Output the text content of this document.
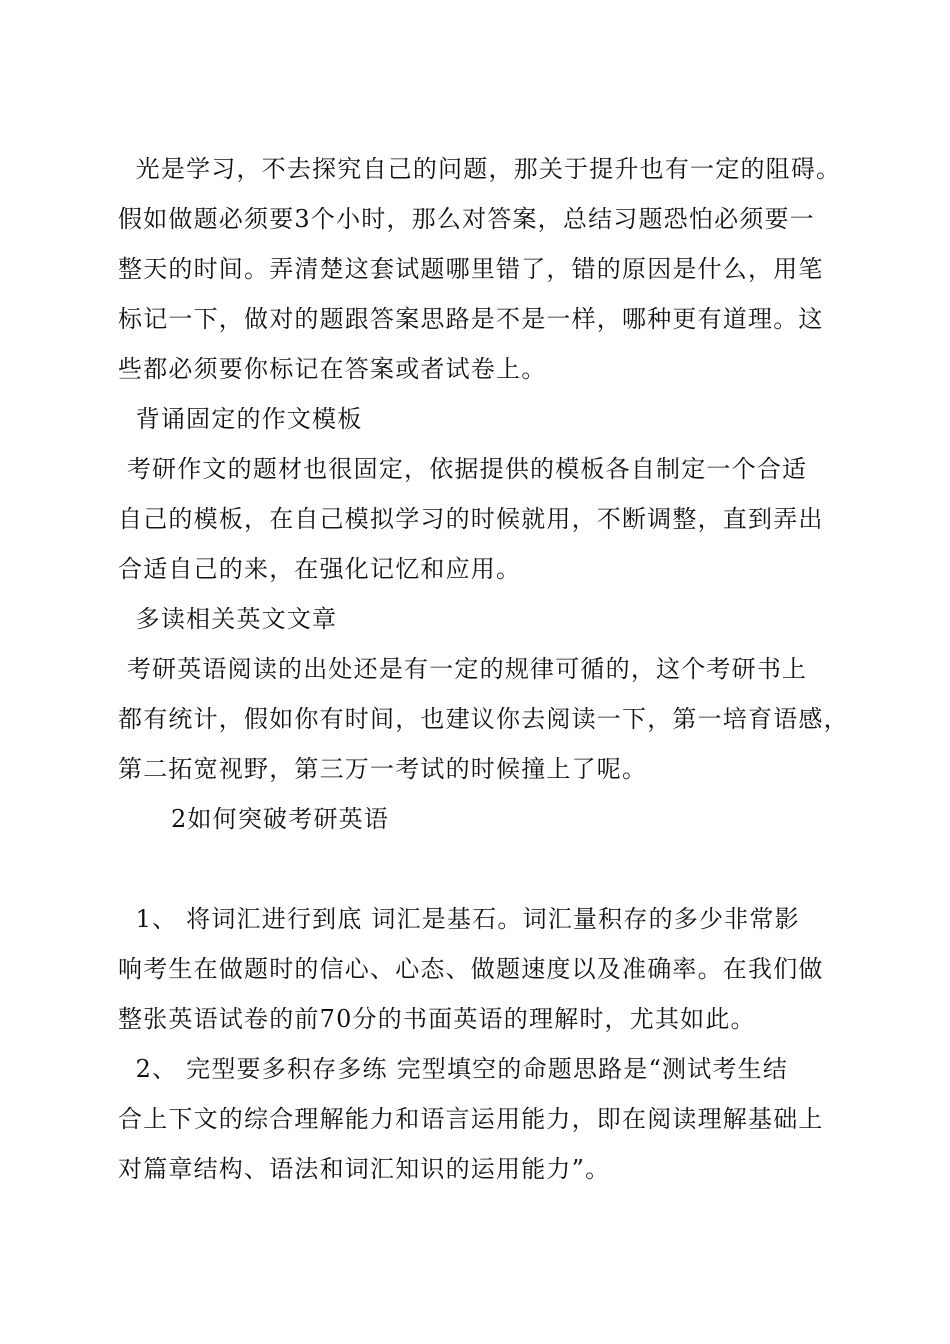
光是学习，不去探究自己的问题，那关于提升也有一定的阻碍。
假如做题必须要3个小时，那么对答案，总结习题恐怕必须要一
整天的时间。弄清楚这套试题哪里错了，错的原因是什么，用笔
标记一下，做对的题跟答案思路是不是一样，哪种更有道理。这
些都必须要你标记在答案或者试卷上。
背诵固定的作文模板
考研作文的题材也很固定，依据提供的模板各自制定一个合适
自己的模板，在自己模拟学习的时候就用，不断调整，直到弄出
合适自己的来，在强化记忆和应用。
多读相关英文文章
考研英语阅读的出处还是有一定的规律可循的，这个考研书上
都有统计，假如你有时间，也建议你去阅读一下，第一培育语感，
第二拓宽视野，第三万一考试的时候撞上了呢。
2如何突破考研英语
1、 将词汇进行到底 词汇是基石。词汇量积存的多少非常影
响考生在做题时的信心、心态、做题速度以及准确率。在我们做
整张英语试卷的前70分的书面英语的理解时，尤其如此。
2、 完型要多积存多练 完型填空的命题思路是“测试考生结
合上下文的综合理解能力和语言运用能力，即在阅读理解基础上
对篇章结构、语法和词汇知识的运用能力”。
